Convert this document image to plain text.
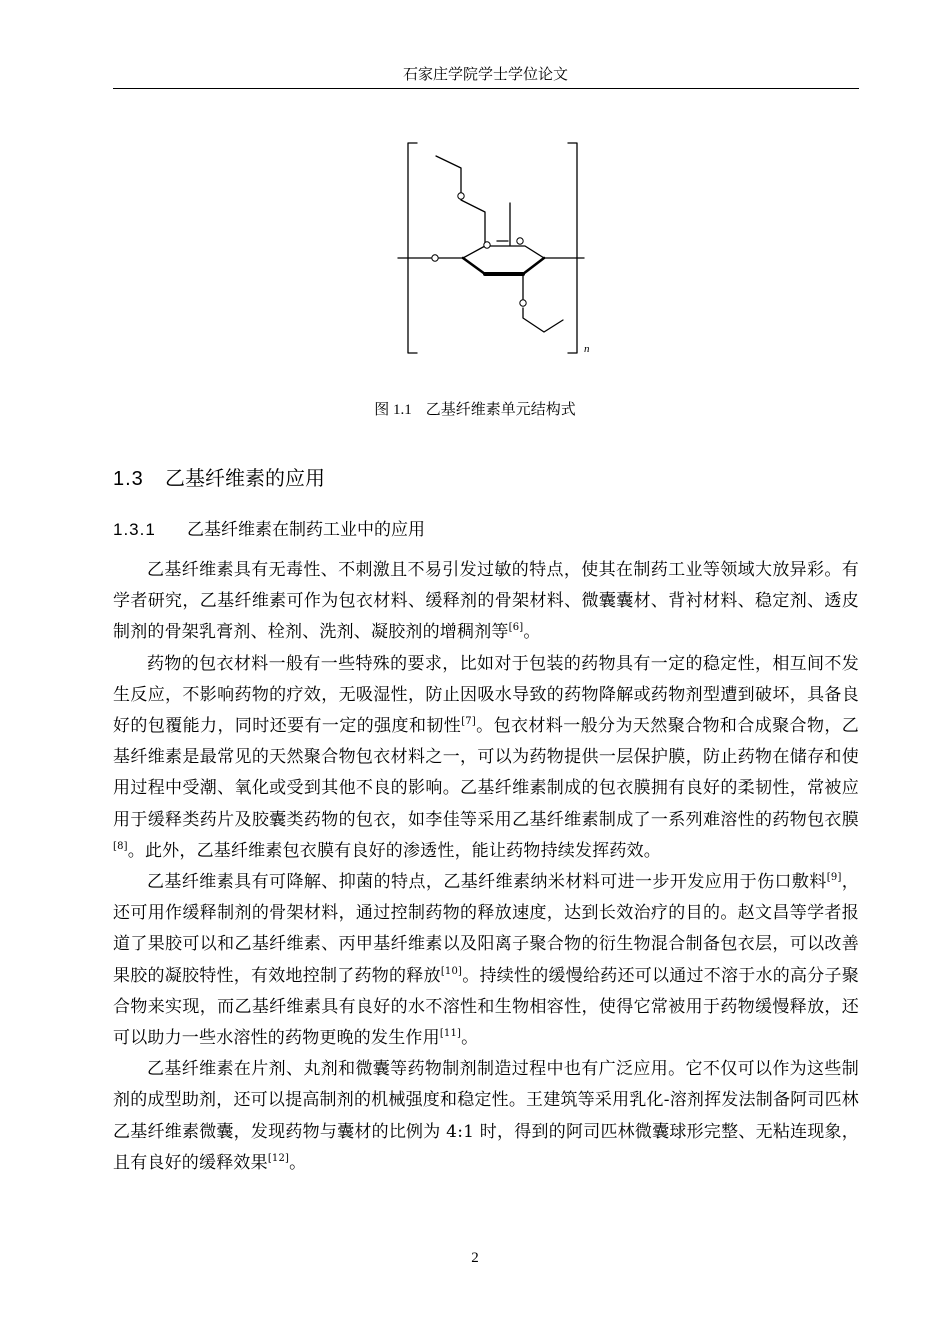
石家庄学院学士学位论文
n
图 1.1 乙基纤维素单元结构式
1.3 乙基纤维素的应用
1.3.1 乙基纤维素在制药工业中的应用

乙基纤维素具有无毒性、不刺激且不易引发过敏的特点，使其在制药工业等领域大放异彩。有学者研究，乙基纤维素可作为包衣材料、缓释剂的骨架材料、微囊囊材、背衬材料、稳定剂、透皮制剂的骨架乳膏剂、栓剂、洗剂、凝胶剂的增稠剂等[6]。

药物的包衣材料一般有一些特殊的要求，比如对于包装的药物具有一定的稳定性，相互间不发生反应，不影响药物的疗效，无吸湿性，防止因吸水导致的药物降解或药物剂型遭到破坏，具备良好的包覆能力，同时还要有一定的强度和韧性[7]。包衣材料一般分为天然聚合物和合成聚合物，乙基纤维素是最常见的天然聚合物包衣材料之一，可以为药物提供一层保护膜，防止药物在储存和使用过程中受潮、氧化或受到其他不良的影响。乙基纤维素制成的包衣膜拥有良好的柔韧性，常被应用于缓释类药片及胶囊类药物的包衣，如李佳等采用乙基纤维素制成了一系列难溶性的药物包衣膜[8]。此外，乙基纤维素包衣膜有良好的渗透性，能让药物持续发挥药效。

乙基纤维素具有可降解、抑菌的特点，乙基纤维素纳米材料可进一步开发应用于伤口敷料[9]，还可用作缓释制剂的骨架材料，通过控制药物的释放速度，达到长效治疗的目的。赵文昌等学者报道了果胶可以和乙基纤维素、丙甲基纤维素以及阳离子聚合物的衍生物混合制备包衣层，可以改善果胶的凝胶特性，有效地控制了药物的释放[10]。持续性的缓慢给药还可以通过不溶于水的高分子聚合物来实现，而乙基纤维素具有良好的水不溶性和生物相容性，使得它常被用于药物缓慢释放，还可以助力一些水溶性的药物更晚的发生作用[11]。

乙基纤维素在片剂、丸剂和微囊等药物制剂制造过程中也有广泛应用。它不仅可以作为这些制剂的成型助剂，还可以提高制剂的机械强度和稳定性。王建筑等采用乳化-溶剂挥发法制备阿司匹林乙基纤维素微囊，发现药物与囊材的比例为 4:1 时，得到的阿司匹林微囊球形完整、无粘连现象，且有良好的缓释效果[12]。

2
